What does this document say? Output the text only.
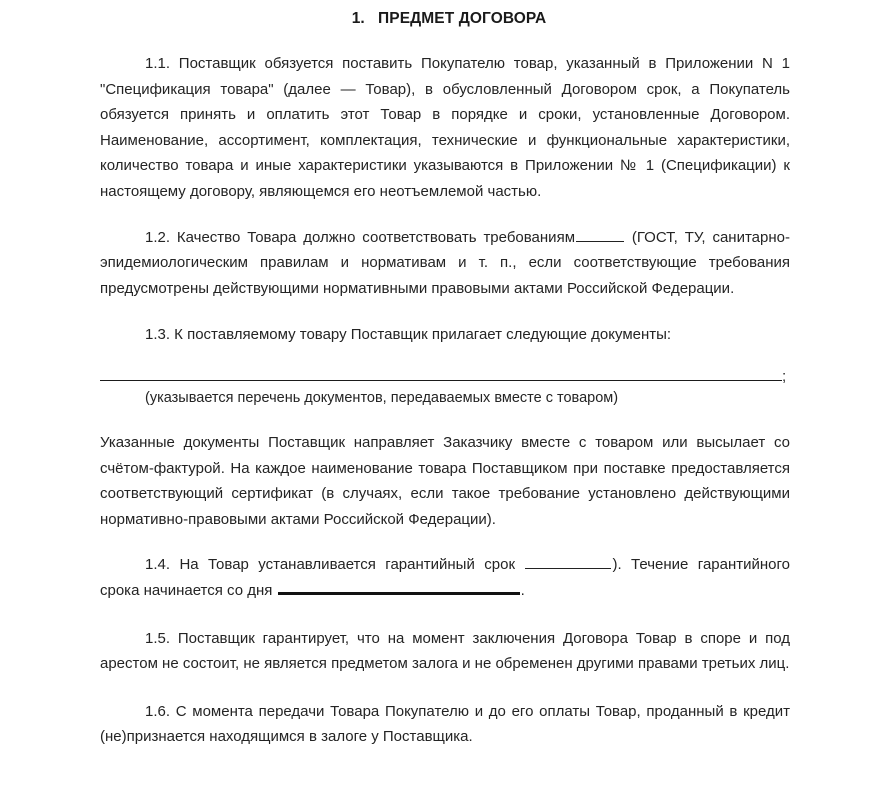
1.   ПРЕДМЕТ ДОГОВОРА

1.1. Поставщик обязуется поставить Покупателю товар, указанный в Приложении N 1 "Спецификация товара" (далее — Товар), в обусловленный Договором срок, а Покупатель обязуется принять и оплатить этот Товар в порядке и сроки, установленные Договором. Наименование, ассортимент, комплектация, технические и функциональные характеристики, количество товара и иные характеристики указываются в Приложении № 1 (Спецификации) к настоящему договору, являющемся его неотъемлемой частью.

1.2. Качество Товара должно соответствовать требованиям	(ГОСТ, ТУ, санитарно-эпидемиологическим правилам и нормативам и т. п., если соответствующие требования предусмотрены действующими нормативными правовыми актами Российской Федерации.

1.3. К поставляемому товару Поставщик прилагает следующие документы:

;

(указывается перечень документов, передаваемых вместе с товаром)

Указанные документы Поставщик направляет Заказчику вместе с товаром или высылает со счётом-фактурой. На каждое наименование товара Поставщиком при поставке предоставляется соответствующий сертификат (в случаях, если такое требование установлено действующими нормативно-правовыми актами Российской Федерации).

1.4. На Товар устанавливается гарантийный срок	). Течение гарантийного срока начинается со дня	.

1.5. Поставщик гарантирует, что на момент заключения Договора Товар в споре и под арестом не состоит, не является предметом залога и не обременен другими правами третьих лиц.

1.6. С момента передачи Товара Покупателю и до его оплаты Товар, проданный в кредит (не)признается находящимся в залоге у Поставщика.
